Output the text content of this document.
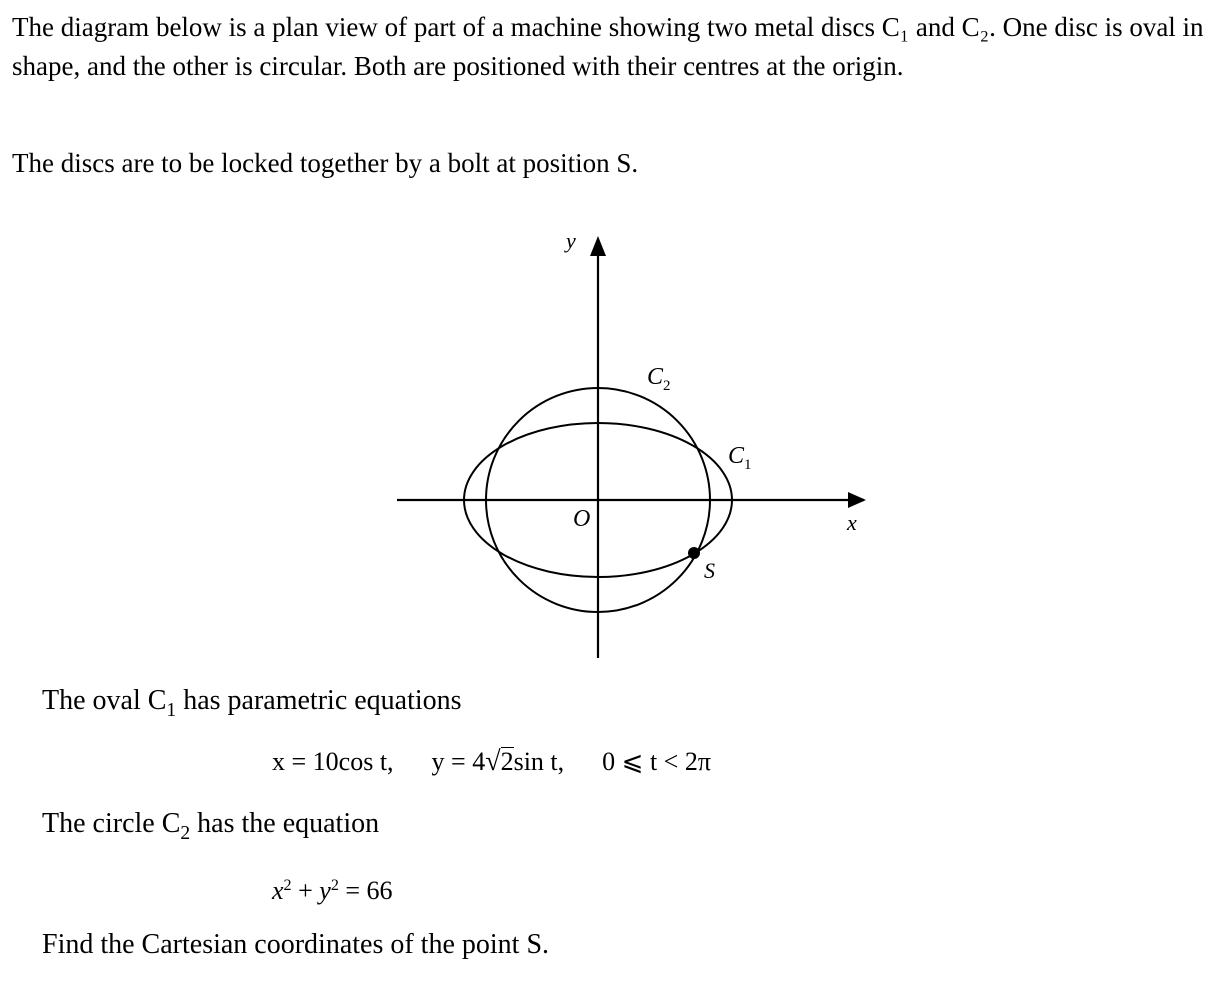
The diagram below is a plan view of part of a machine showing two metal discs C₁ and C₂. One disc is oval in shape, and the other is circular. Both are positioned with their centres at the origin.

The discs are to be locked together by a bolt at position S.

y
x
O
S
$C_2$
$C_1$

The oval $C_1$ has parametric equations

x = 10cos t, y = 4√2sin t, 0 ⩽ t < 2π

The circle $C_2$ has the equation

$x^2 + y^2 = 66$

Find the Cartesian coordinates of the point S.
